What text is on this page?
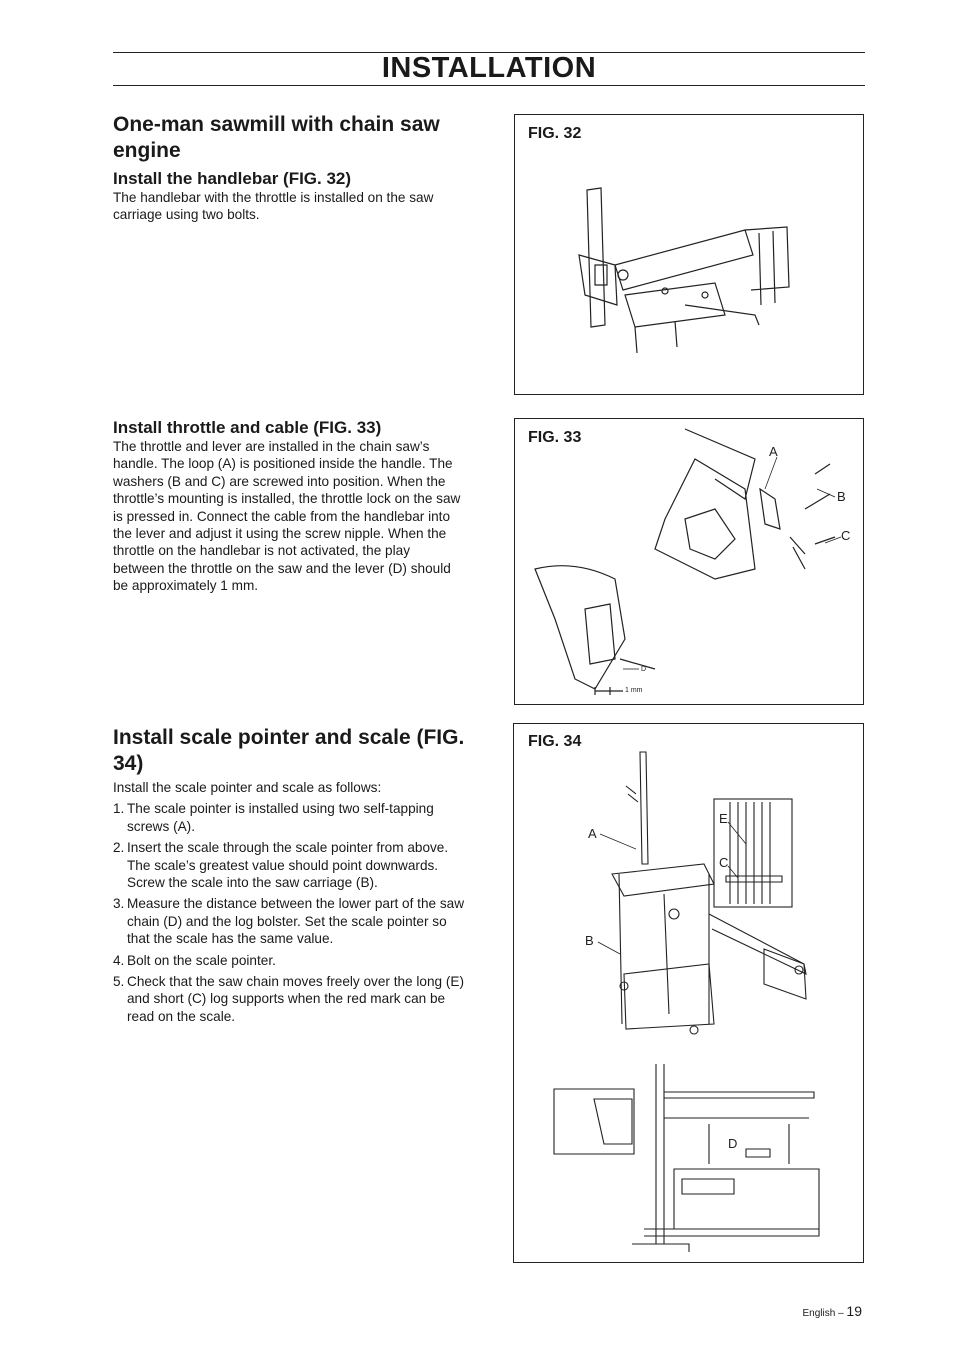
INSTALLATION
One-man sawmill with chain saw engine
Install the handlebar (FIG. 32)

The handlebar with the throttle is installed on the saw carriage using two bolts.

Install throttle and cable (FIG. 33)

The throttle and lever are installed in the chain saw’s handle. The loop (A) is positioned inside the handle. The washers (B and C) are screwed into position. When the throttle’s mounting is installed, the throttle lock on the saw is pressed in. Connect the cable from the handlebar into the lever and adjust it using the screw nipple. When the throttle on the handlebar is not activated, the play between the throttle on the saw and the lever (D) should be approximately 1 mm.

Install scale pointer and scale (FIG. 34)

Install the scale pointer and scale as follows:

1. The scale pointer is installed using two self-tapping screws (A).
2. Insert the scale through the scale pointer from above. The scale’s greatest value should point downwards. Screw the scale into the saw carriage (B).
3. Measure the distance between the lower part of the saw chain (D) and the log bolster. Set the scale pointer so that the scale has the same value.
4. Bolt on the scale pointer.
5. Check that the saw chain moves freely over the long (E) and short (C) log supports when the red mark can be read on the scale.
FIG. 32
FIG. 33
A
B
C
D
1 mm
FIG. 34
A
B
E
C
D
English – 19
